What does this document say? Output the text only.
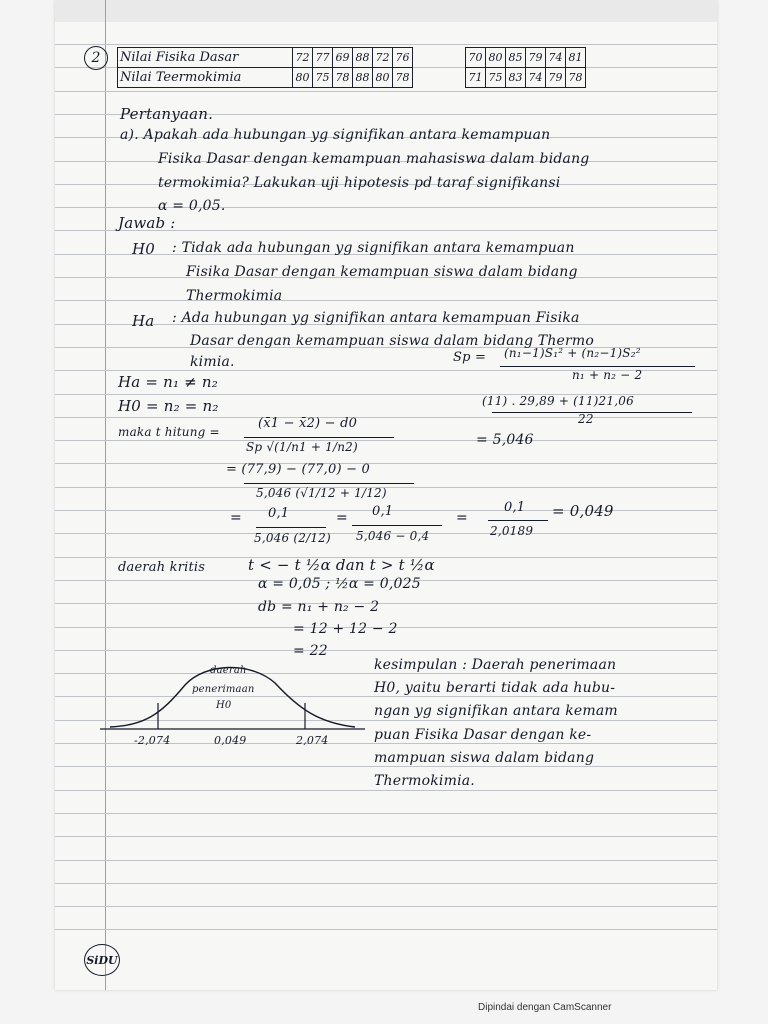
2 Nilai Fisika Dasar	72	77	69	88	72	76		70	80	85	79	74	81
Nilai Teermokimia	80	75	78	88	80	78		71	75	83	74	79	78
Pertanyaan.
a). Apakah ada hubungan yg signifikan antara kemampuan
Fisika Dasar dengan kemampuan mahasiswa dalam bidang
termokimia? Lakukan uji hipotesis pd taraf signifikansi
α = 0,05.
Jawab :
H0 : Tidak ada hubungan yg signifikan antara kemampuan
Fisika Dasar dengan kemampuan siswa dalam bidang
Thermokimia
Ha : Ada hubungan yg signifikan antara kemampuan Fisika
Dasar dengan kemampuan siswa dalam bidang Thermo
kimia.	Sp = (n₁−1)S₁² + (n₂−1)S₂²
n₁ + n₂ − 2
(11) . 29,89 + (11)21,06
22
= 5,046
Ha = n₁ ≠ n₂
H0 = n₂ = n₂
maka t hitung =
(x̄1 − x̄2) − d0
Sp √(1/n1 + 1/n2)
= (77,9) − (77,0) − 0
5,046 (√1/12 + 1/12)
= 0,1
5,046 (2/12)
= 0,1
5,046 − 0,4
=
0,1
2,0189
= 0,049
daerah kritis	t < − t ½α dan t > t ½α
α = 0,05 ; ½α = 0,025
db = n₁ + n₂ − 2
= 12 + 12 − 2
= 22
daerah
penerimaan
H0
-2,074	0,049	2,074
kesimpulan : Daerah penerimaan
H0, yaitu berarti tidak ada hubu-
ngan yg signifikan antara kemam
puan Fisika Dasar dengan ke-
mampuan siswa dalam bidang
Thermokimia.
SiDU
Dipindai dengan CamScanner
